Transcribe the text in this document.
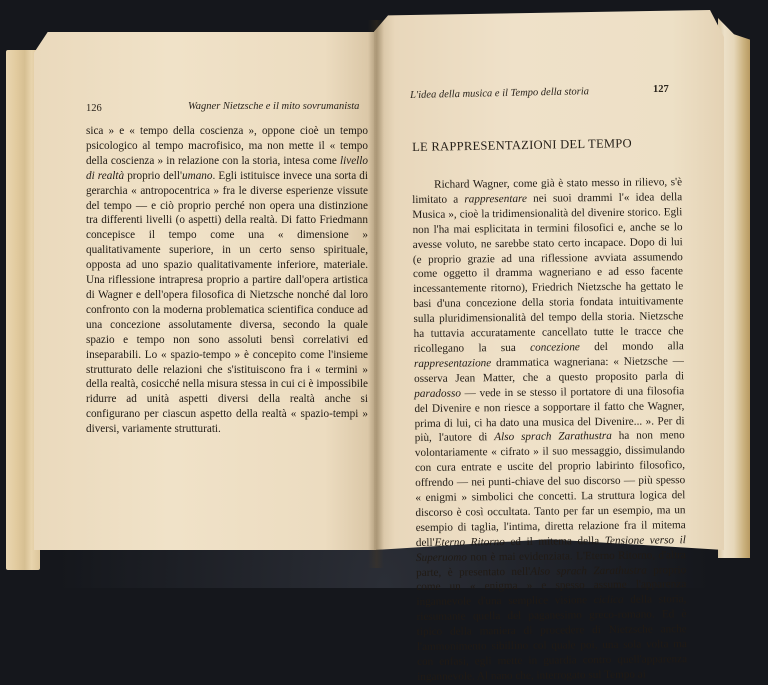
126	Wagner Nietzsche e il mito sovrumanista

sica » e « tempo della coscienza », oppone cioè un tempo psicologico al tempo macrofisico, ma non mette il « tempo della coscienza » in relazione con la storia, intesa come livello di realtà proprio dell'umano. Egli istituisce invece una sorta di gerarchia « antropocentrica » fra le diverse esperienze vissute del tempo — e ciò proprio perché non opera una distinzione tra differenti livelli (o aspetti) della realtà. Di fatto Friedmann concepisce il tempo come una « dimensione » qualitativamente superiore, in un certo senso spirituale, opposta ad uno spazio qualitativamente inferiore, materiale. Una riflessione intrapresa proprio a partire dall'opera artistica di Wagner e dell'opera filosofica di Nietzsche nonché dal loro confronto con la moderna problematica scientifica conduce ad una concezione assolutamente diversa, secondo la quale spazio e tempo non sono assoluti bensì correlativi ed inseparabili. Lo « spazio-tempo » è concepito come l'insieme strutturato delle relazioni che s'istituiscono fra i « termini » della realtà, cosicché nella misura stessa in cui ci è impossibile ridurre ad unità aspetti diversi della realtà anche si configurano per ciascun aspetto della realtà « spazio-tempi » diversi, variamente strutturati.

L'idea della musica e il Tempo della storia	127
LE RAPPRESENTAZIONI DEL TEMPO

Richard Wagner, come già è stato messo in rilievo, s'è limitato a rappresentare nei suoi drammi l'« idea della Musica », cioè la tridimensionalità del divenire storico. Egli non l'ha mai esplicitata in termini filosofici e, anche se lo avesse voluto, ne sarebbe stato certo incapace. Dopo di lui (e proprio grazie ad una riflessione avviata assumendo come oggetto il dramma wagneriano e ad esso facente incessantemente ritorno), Friedrich Nietzsche ha gettato le basi d'una concezione della storia fondata intuitivamente sulla pluridimensionalità del tempo della storia. Nietzsche ha tuttavia accuratamente cancellato tutte le tracce che ricollegano la sua concezione del mondo alla rappresentazione drammatica wagneriana: « Nietzsche — osserva Jean Matter, che a questo proposito parla di paradosso — vede in se stesso il portatore di una filosofia del Divenire e non riesce a sopportare il fatto che Wagner, prima di lui, ci ha dato una musica del Divenire... ». Per di più, l'autore di Also sprach Zarathustra ha non meno volontariamente « cifrato » il suo messaggio, dissimulando con cura entrate e uscite del proprio labirinto filosofico, offrendo — nei punti-chiave del suo discorso — più spesso « enigmi » simbolici che concetti. La struttura logica del discorso è così occultata. Tanto per far un esempio, ma un esempio di taglia, l'intima, diretta relazione fra il mitema dell'Eterno Ritorno ed il mitema della Tensione verso il Superuomo non è mai evidenziata. L'Eterno Ritorno, d'altra parte, è presentato nell'Also sprach Zarathustra proprio come un « enigma » e spesso assume l'apparenza ingannevole d'una semplice visione ciclica della storia, riesumante quella del paganesimo greco-romano. Ed è tipico della maniera di procedere di Nietzsche anche l'ammonimento sibillino col quale poi, una sola volta ma con enfasi, egli mette in guardia contro quell'apparenza ingannevole. Al nano che, interrogato sul Tempo ai
